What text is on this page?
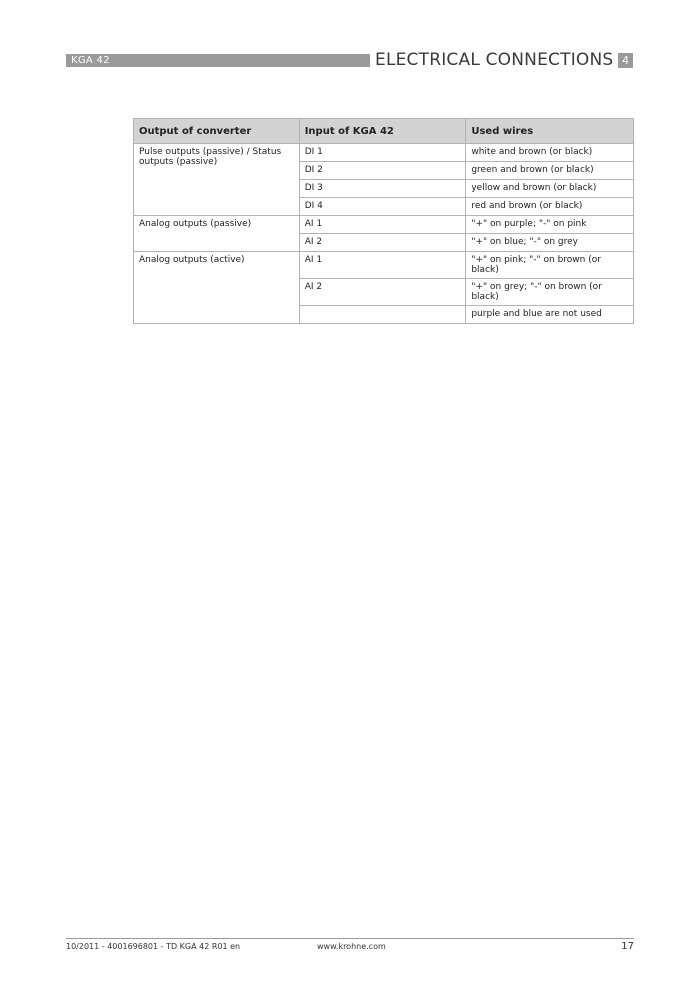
KGA 42	ELECTRICAL CONNECTIONS 4
Output of converter	Input of KGA 42	Used wires
Pulse outputs (passive) / Status outputs (passive)	DI 1	white and brown (or black)
	DI 2	green and brown (or black)
	DI 3	yellow and brown (or black)
	DI 4	red and brown (or black)
Analog outputs (passive)	AI 1	"+" on purple; "-" on pink
	AI 2	"+" on blue; "-" on grey
Analog outputs (active)	AI 1	"+" on pink; "-" on brown (or black)
	AI 2	"+" on grey; "-" on brown (or black)
		purple and blue are not used
10/2011 - 4001696801 - TD KGA 42 R01 en	www.krohne.com	17
